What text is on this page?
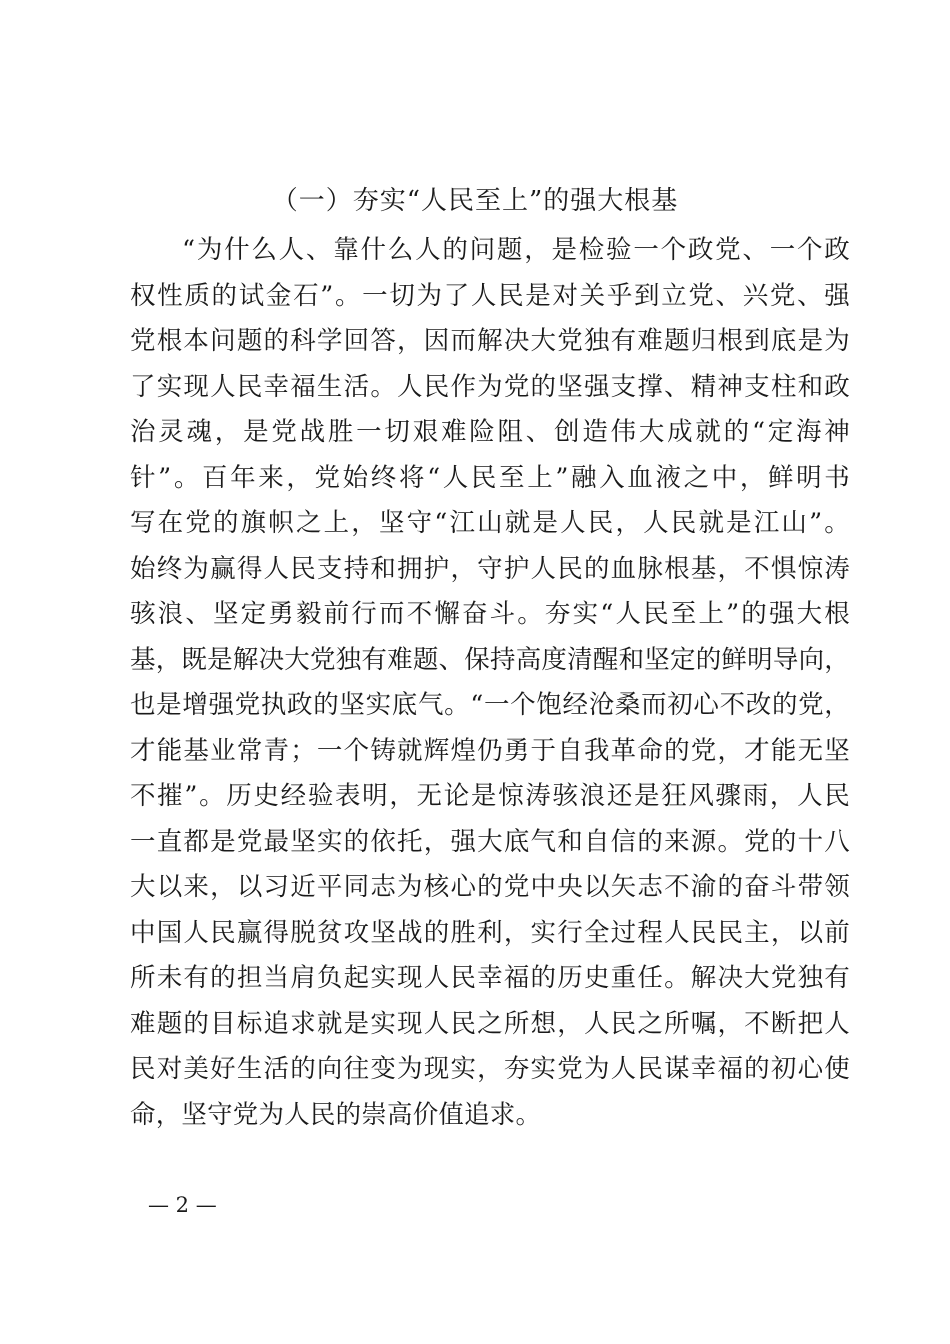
（一）夯实“人民至上”的强大根基
“为什么人、靠什么人的问题，是检验一个政党、一个政
权性质的试金石”。一切为了人民是对关乎到立党、兴党、强
党根本问题的科学回答，因而解决大党独有难题归根到底是为
了实现人民幸福生活。人民作为党的坚强支撑、精神支柱和政
治灵魂，是党战胜一切艰难险阻、创造伟大成就的“定海神
针”。百年来，党始终将“人民至上”融入血液之中，鲜明书
写在党的旗帜之上，坚守“江山就是人民，人民就是江山”。
始终为赢得人民支持和拥护，守护人民的血脉根基，不惧惊涛
骇浪、坚定勇毅前行而不懈奋斗。夯实“人民至上”的强大根
基，既是解决大党独有难题、保持高度清醒和坚定的鲜明导向，
也是增强党执政的坚实底气。“一个饱经沧桑而初心不改的党，
才能基业常青；一个铸就辉煌仍勇于自我革命的党，才能无坚
不摧”。历史经验表明，无论是惊涛骇浪还是狂风骤雨，人民
一直都是党最坚实的依托，强大底气和自信的来源。党的十八
大以来，以习近平同志为核心的党中央以矢志不渝的奋斗带领
中国人民赢得脱贫攻坚战的胜利，实行全过程人民民主，以前
所未有的担当肩负起实现人民幸福的历史重任。解决大党独有
难题的目标追求就是实现人民之所想，人民之所嘱，不断把人
民对美好生活的向往变为现实，夯实党为人民谋幸福的初心使
命，坚守党为人民的崇高价值追求。
— 2 —
